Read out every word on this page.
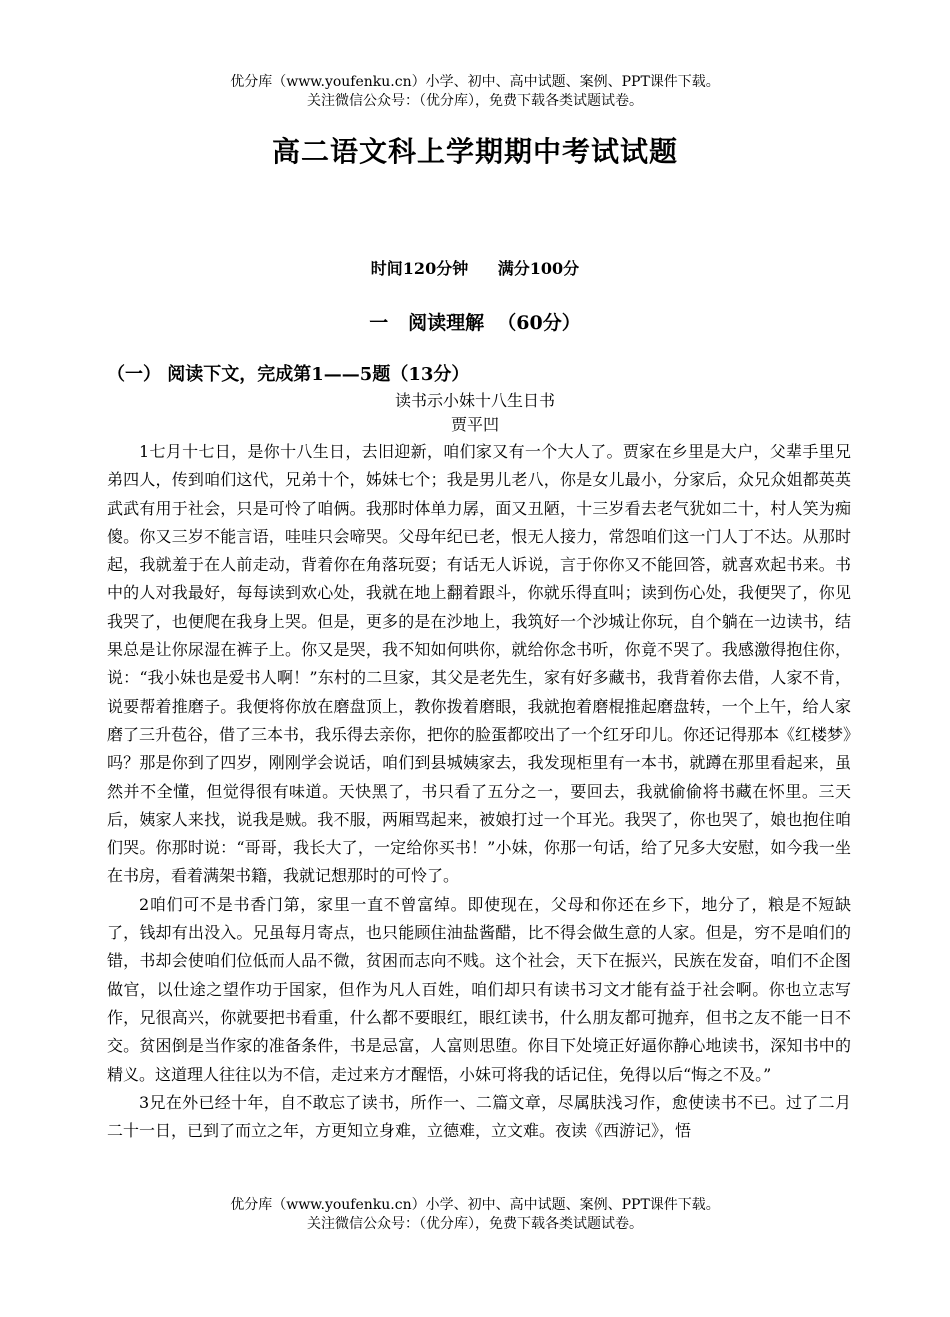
优分库（www.youfenku.cn）小学、初中、高中试题、案例、PPT课件下载。
关注微信公众号：（优分库），免费下载各类试题试卷。
高二语文科上学期期中考试试题
时间120分钟 满分100分
一   阅读理解  （60分）
（一） 阅读下文，完成第1——5题（13分）
读书示小妹十八生日书
贾平凹

1七月十七日，是你十八生日，去旧迎新，咱们家又有一个大人了。贾家在乡里是大户，父辈手里兄弟四人，传到咱们这代，兄弟十个，姊妹七个；我是男儿老八，你是女儿最小，分家后，众兄众姐都英英武武有用于社会，只是可怜了咱俩。我那时体单力孱，面又丑陋，十三岁看去老气犹如二十，村人笑为痴傻。你又三岁不能言语，哇哇只会啼哭。父母年纪已老，恨无人接力，常怨咱们这一门人丁不达。从那时起，我就羞于在人前走动，背着你在角落玩耍；有话无人诉说，言于你你又不能回答，就喜欢起书来。书中的人对我最好，每每读到欢心处，我就在地上翻着跟斗，你就乐得直叫；读到伤心处，我便哭了，你见我哭了，也便爬在我身上哭。但是，更多的是在沙地上，我筑好一个沙城让你玩，自个躺在一边读书，结果总是让你尿湿在裤子上。你又是哭，我不知如何哄你，就给你念书听，你竟不哭了。我感激得抱住你，说：“我小妹也是爱书人啊！”东村的二旦家，其父是老先生，家有好多藏书，我背着你去借，人家不肯，说要帮着推磨子。我便将你放在磨盘顶上，教你拨着磨眼，我就抱着磨棍推起磨盘转，一个上午，给人家磨了三升苞谷，借了三本书，我乐得去亲你，把你的脸蛋都咬出了一个红牙印儿。你还记得那本《红楼梦》吗？那是你到了四岁，刚刚学会说话，咱们到县城姨家去，我发现柜里有一本书，就蹲在那里看起来，虽然并不全懂，但觉得很有味道。天快黑了，书只看了五分之一，要回去，我就偷偷将书藏在怀里。三天后，姨家人来找，说我是贼。我不服，两厢骂起来，被娘打过一个耳光。我哭了，你也哭了，娘也抱住咱们哭。你那时说：“哥哥，我长大了，一定给你买书！”小妹，你那一句话，给了兄多大安慰，如今我一坐在书房，看着满架书籍，我就记想那时的可怜了。

2咱们可不是书香门第，家里一直不曾富绰。即使现在，父母和你还在乡下，地分了，粮是不短缺了，钱却有出没入。兄虽每月寄点，也只能顾住油盐酱醋，比不得会做生意的人家。但是，穷不是咱们的错，书却会使咱们位低而人品不微，贫困而志向不贱。这个社会，天下在振兴，民族在发奋，咱们不企图做官，以仕途之望作功于国家，但作为凡人百姓，咱们却只有读书习文才能有益于社会啊。你也立志写作，兄很高兴，你就要把书看重，什么都不要眼红，眼红读书，什么朋友都可抛弃，但书之友不能一日不交。贫困倒是当作家的准备条件，书是忌富，人富则思堕。你目下处境正好逼你静心地读书，深知书中的精义。这道理人往往以为不信，走过来方才醒悟，小妹可将我的话记住，免得以后“悔之不及。”

3兄在外已经十年，自不敢忘了读书，所作一、二篇文章，尽属肤浅习作，愈使读书不已。过了二月二十一日，已到了而立之年，方更知立身难，立德难，立文难。夜读《西游记》，悟

优分库（www.youfenku.cn）小学、初中、高中试题、案例、PPT课件下载。
关注微信公众号：（优分库），免费下载各类试题试卷。
